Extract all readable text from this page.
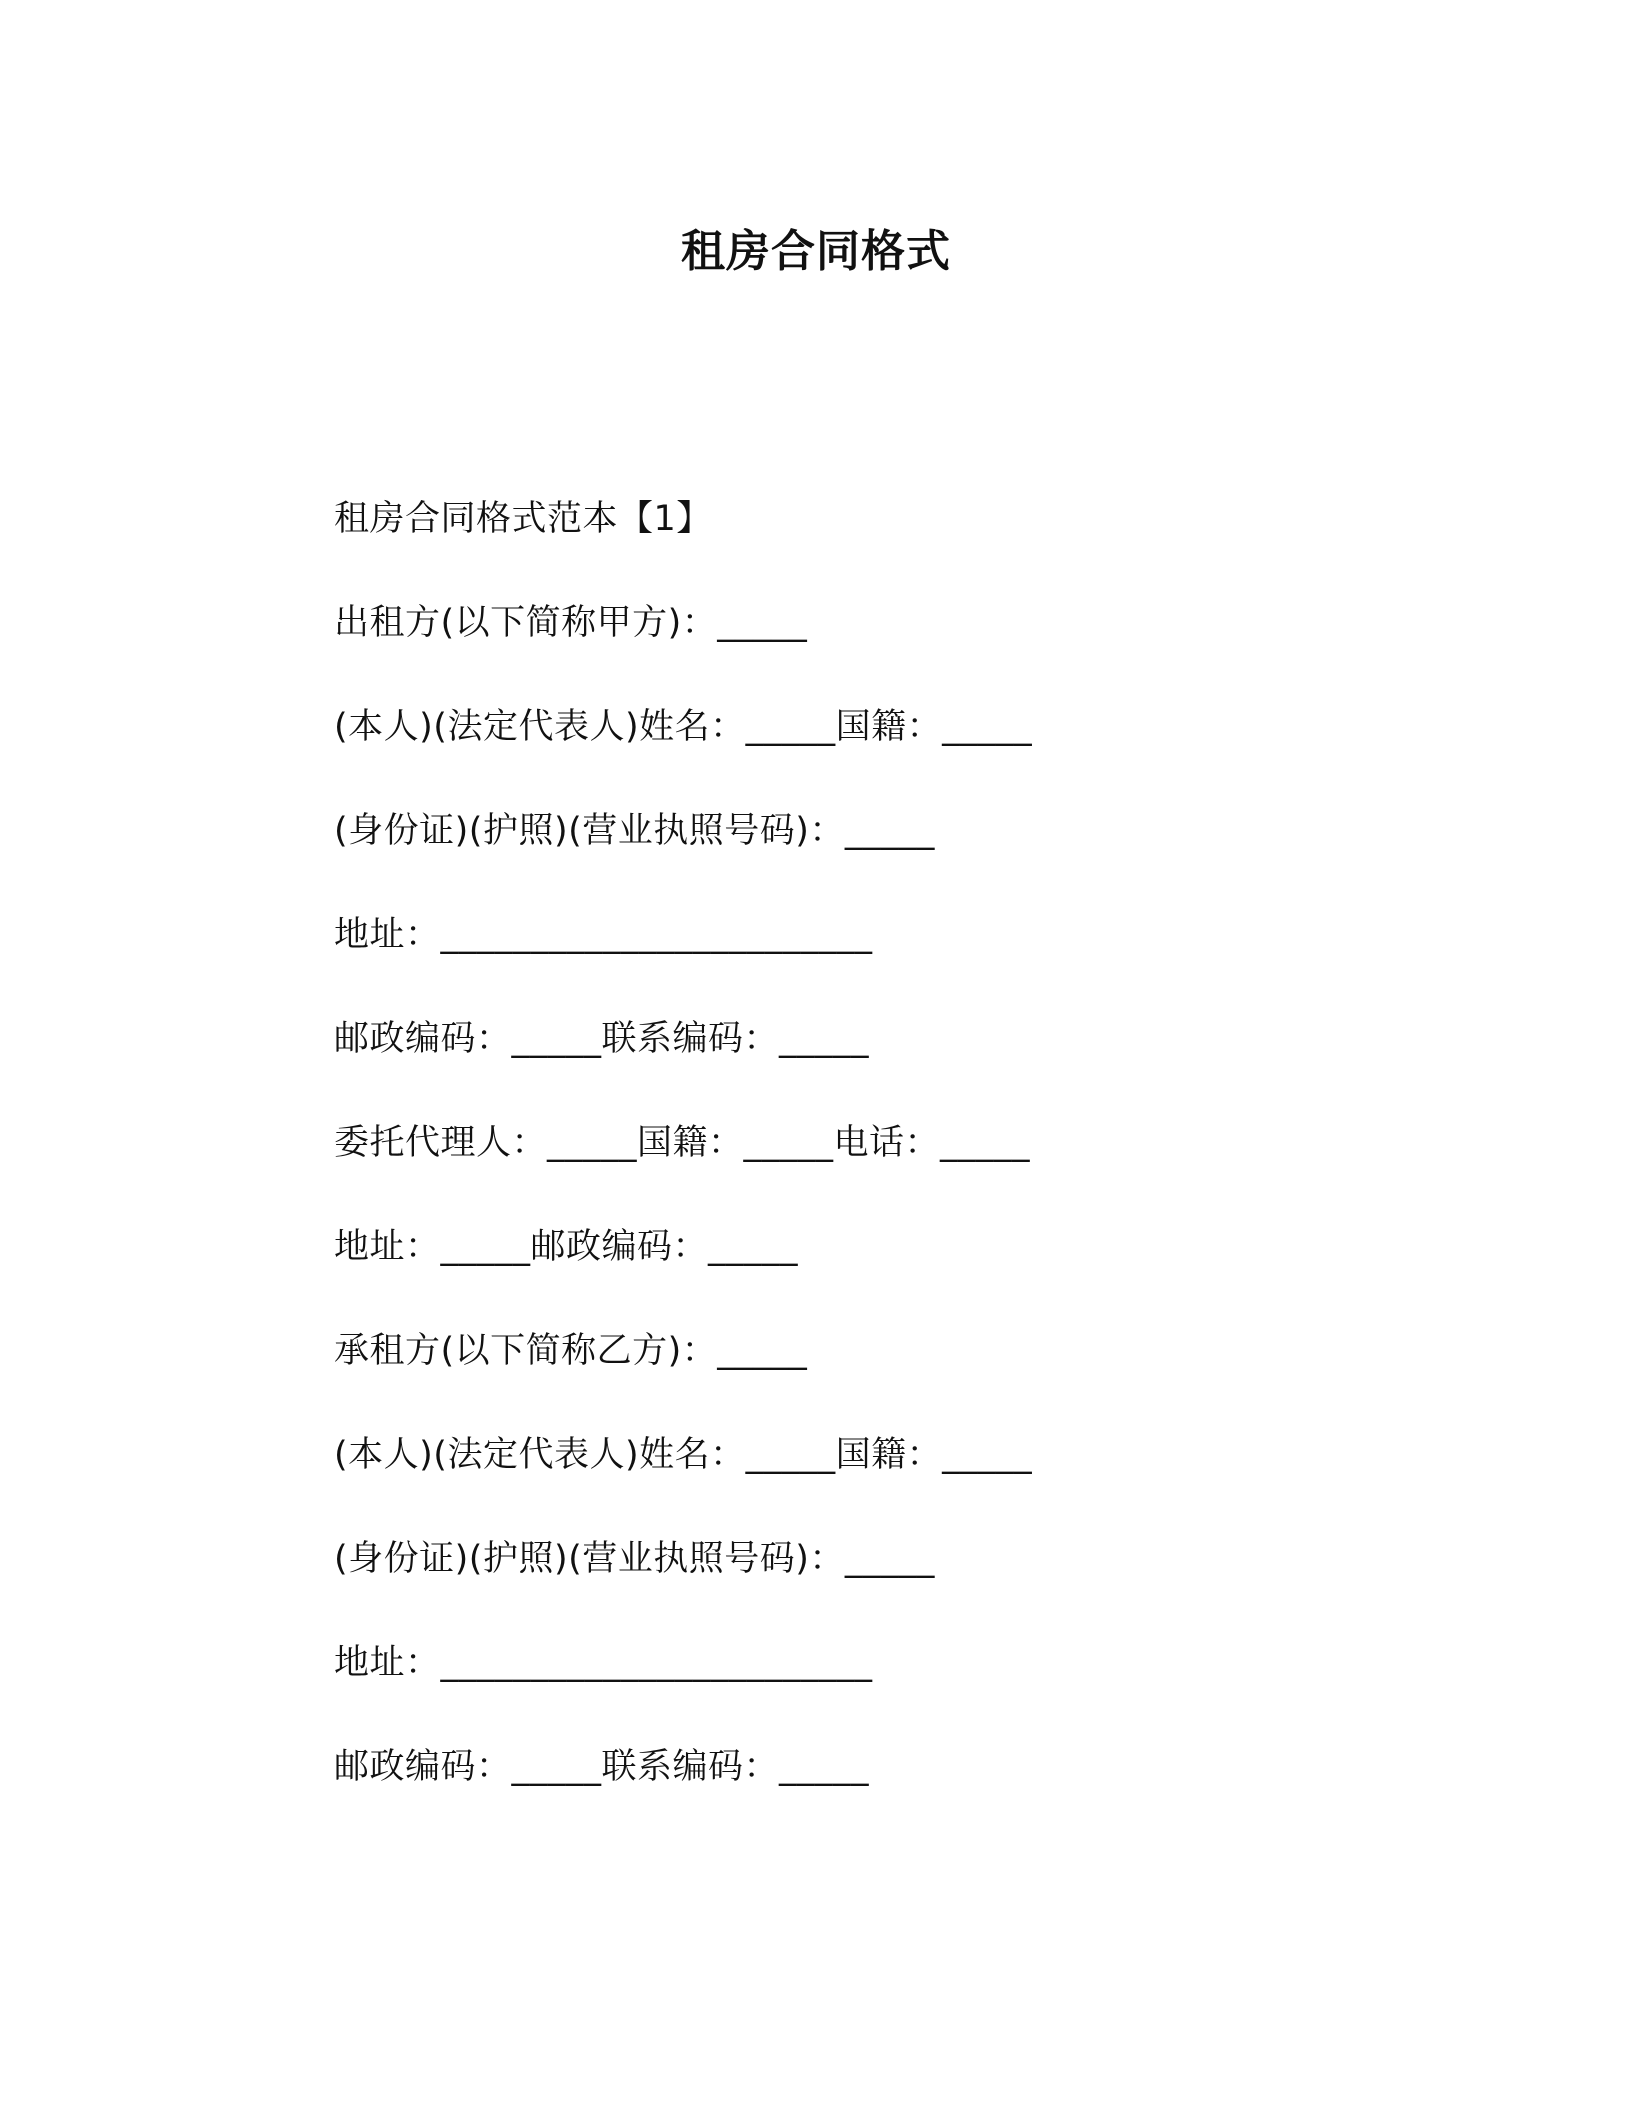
租房合同格式
租房合同格式范本【1】
出租方(以下简称甲方)：_____
(本人)(法定代表人)姓名：_____国籍：_____
(身份证)(护照)(营业执照号码)：_____
地址：________________________
邮政编码：_____联系编码：_____
委托代理人：_____国籍：_____电话：_____
地址：_____邮政编码：_____
承租方(以下简称乙方)：_____
(本人)(法定代表人)姓名：_____国籍：_____
(身份证)(护照)(营业执照号码)：_____
地址：________________________
邮政编码：_____联系编码：_____
